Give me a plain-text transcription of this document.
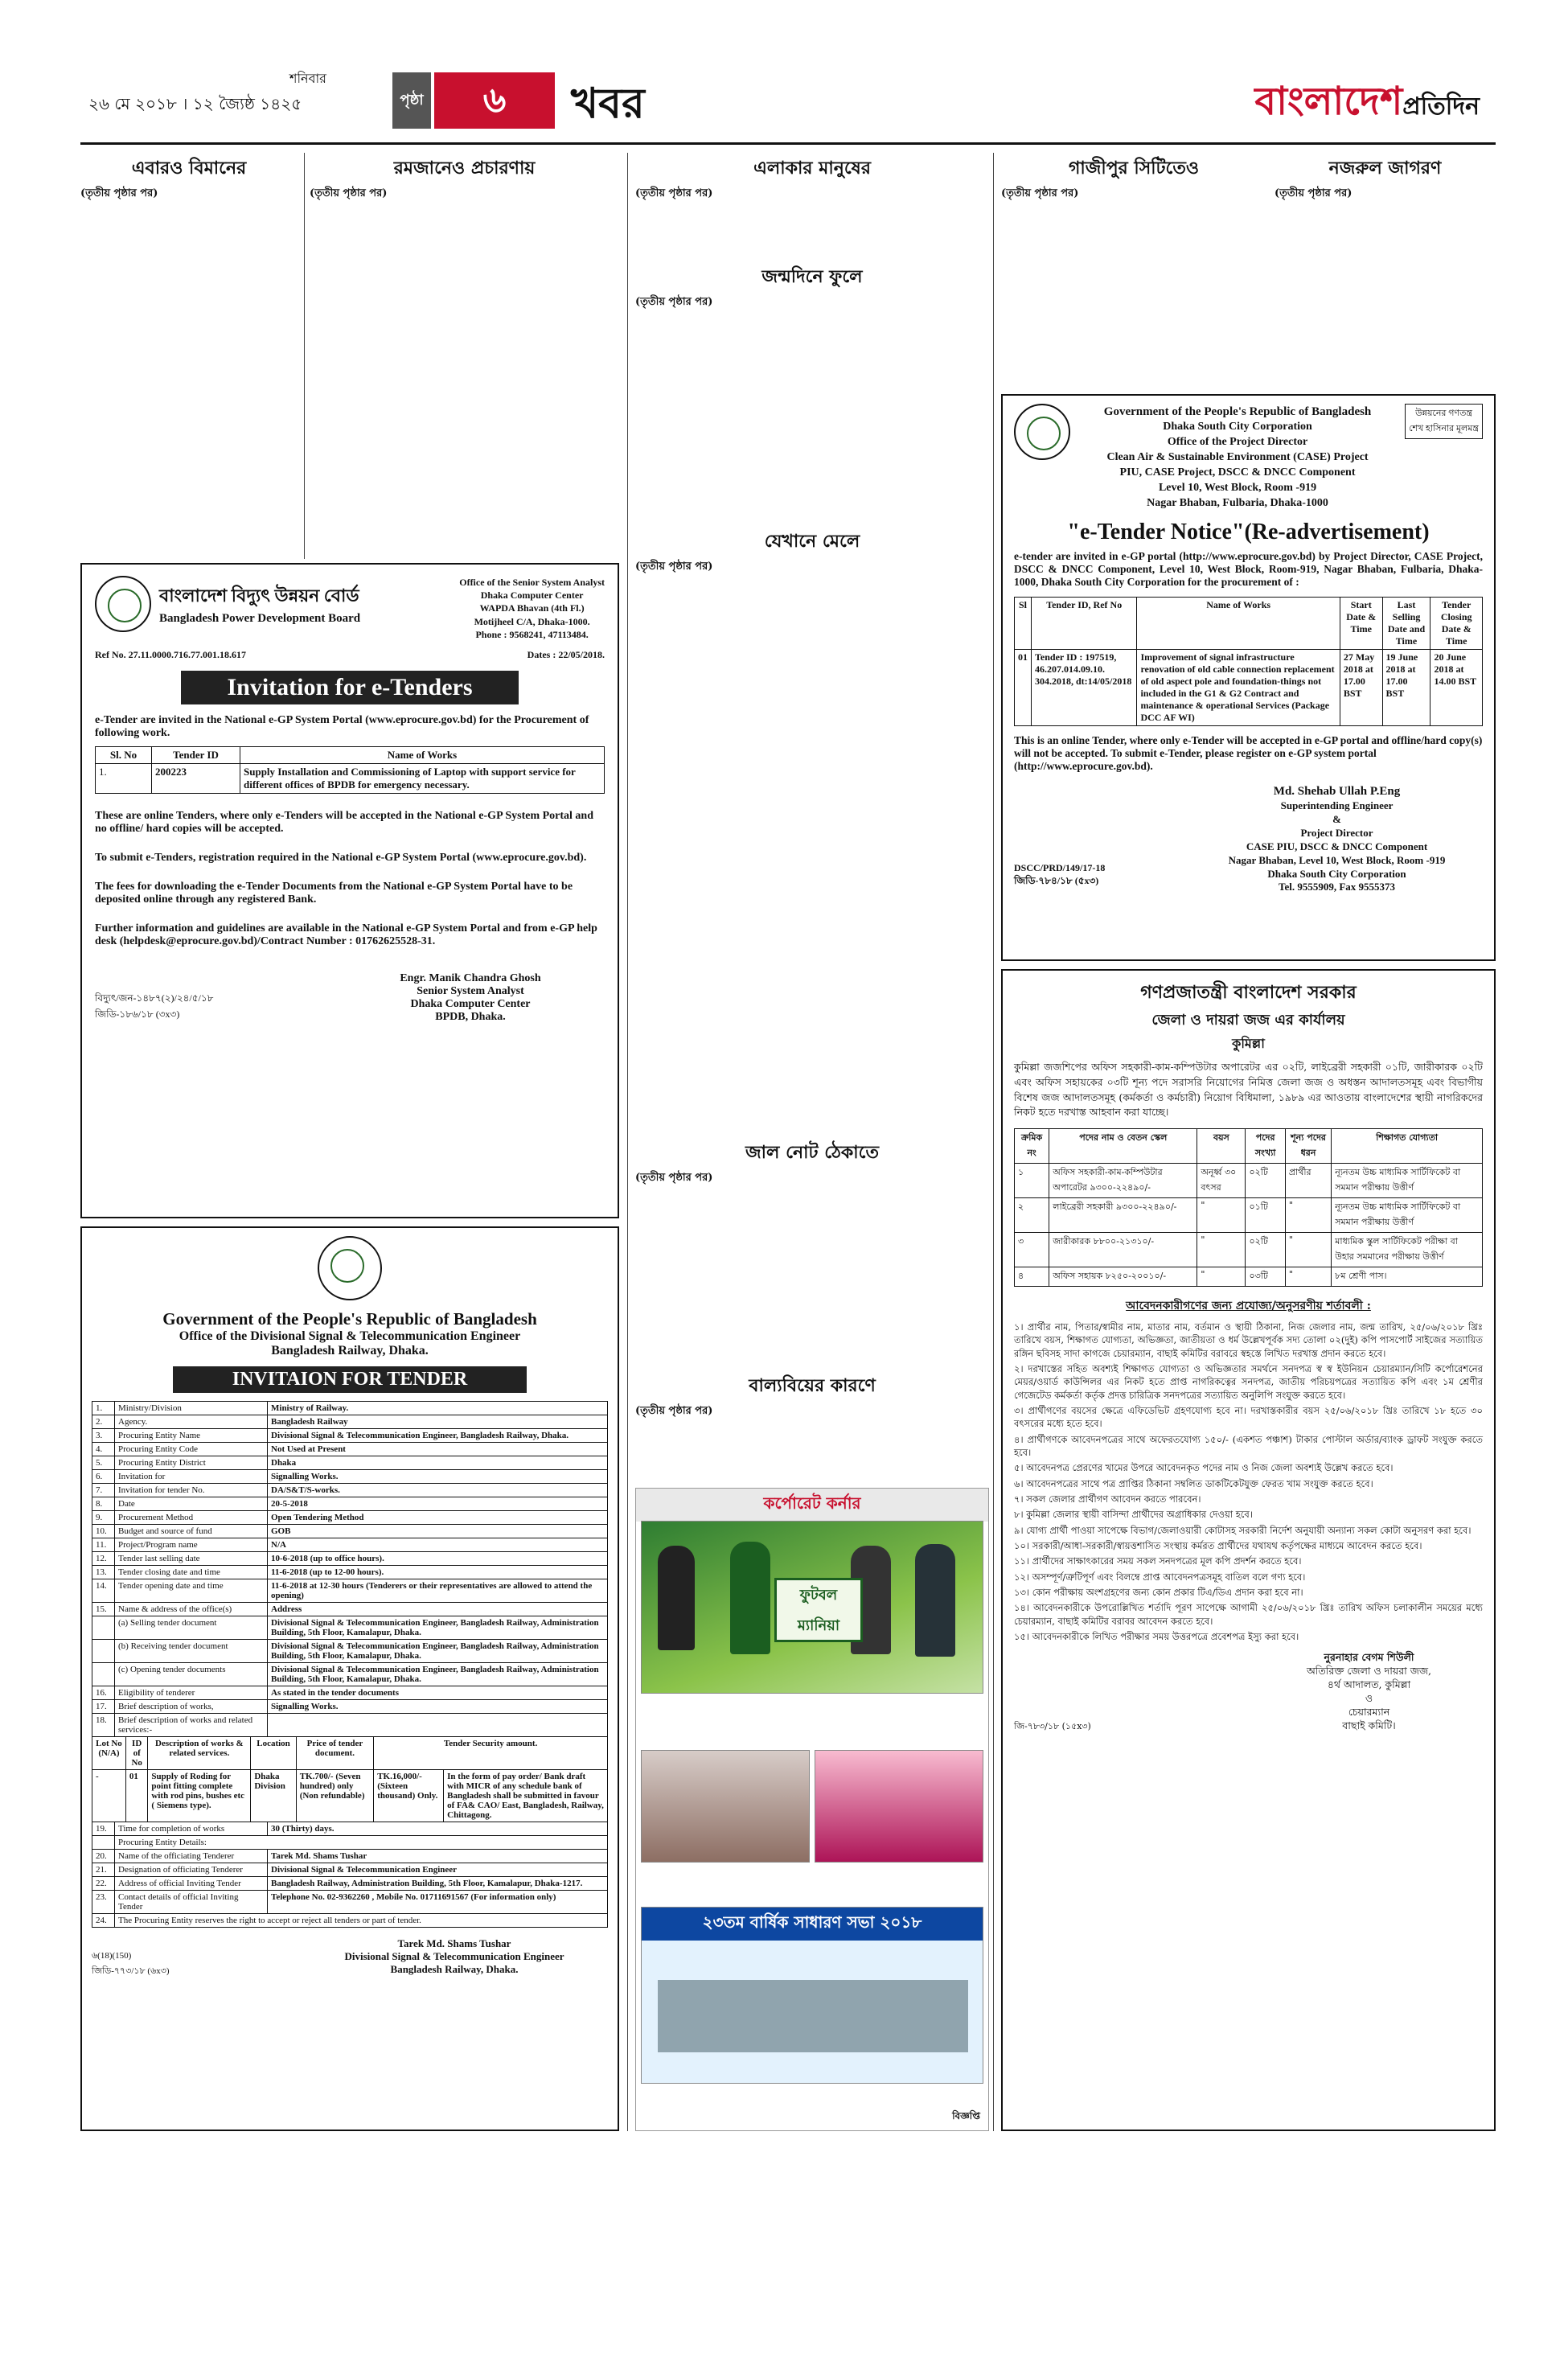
শনিবার
২৬ মে ২০১৮ । ১২ জ্যৈষ্ঠ ১৪২৫	পৃষ্ঠা ৬	খবর	বাংলাদেশপ্রতিদিন
এবারও বিমানের
(তৃতীয় পৃষ্ঠার পর)
রমজানেও প্রচারণায়
(তৃতীয় পৃষ্ঠার পর)
বাংলাদেশ বিদ্যুৎ উন্নয়ন বোর্ড
Bangladesh Power Development Board
Office of the Senior System Analyst
Dhaka Computer Center
WAPDA Bhavan (4th Fl.)
Motijheel C/A, Dhaka-1000.
Phone : 9568241, 47113484.
Ref No. 27.11.0000.716.77.001.18.617	Dates : 22/05/2018.
Invitation for e-Tenders
e-Tender are invited in the National e-GP System Portal (www.eprocure.gov.bd) for the Procurement of following work.
Sl. No	Tender ID	Name of Works
1.	200223	Supply Installation and Commissioning of Laptop with support service for different offices of BPDB for emergency necessary.
These are online Tenders, where only e-Tenders will be accepted in the National e-GP System Portal and no offline/ hard copies will be accepted.
To submit e-Tenders, registration required in the National e-GP System Portal (www.eprocure.gov.bd).
The fees for downloading the e-Tender Documents from the National e-GP System Portal have to be deposited online through any registered Bank.
Further information and guidelines are available in the National e-GP System Portal and from e-GP help desk (helpdesk@eprocure.gov.bd)/Contract Number : 01762625528-31.
Engr. Manik Chandra Ghosh
Senior System Analyst
Dhaka Computer Center
BPDB, Dhaka.
বিদ্যুৎ/জন-১৪৮৭(২)/২৪/৫/১৮
জিডি-১৮৬/১৮ (৩x৩)
Government of the People's Republic of Bangladesh
Office of the Divisional Signal & Telecommunication Engineer
Bangladesh Railway, Dhaka.
INVITAION FOR TENDER
1.	Ministry/Division	Ministry of Railway.
2.	Agency.	Bangladesh Railway
3.	Procuring Entity Name	Divisional Signal & Telecommunication Engineer, Bangladesh Railway, Dhaka.
4.	Procuring Entity Code	Not Used at Present
5.	Procuring Entity District	Dhaka
6.	Invitation for	Signalling Works.
7.	Invitation for tender No.	DA/S&T/S-works.
8.	Date	20-5-2018
9.	Procurement Method	Open Tendering Method
10.	Budget and source of fund	GOB
11.	Project/Program name	N/A
12.	Tender last selling date	10-6-2018 (up to office hours).
13.	Tender closing date and time	11-6-2018 (up to 12-00 hours).
14.	Tender opening date and time	11-6-2018 at 12-30 hours (Tenderers or their representatives are allowed to attend the opening)
15.	Name & address of the office(s)	Address
	(a) Selling tender document	Divisional Signal & Telecommunication Engineer, Bangladesh Railway, Administration Building, 5th Floor, Kamalapur, Dhaka.
	(b) Receiving tender document	Divisional Signal & Telecommunication Engineer, Bangladesh Railway, Administration Building, 5th Floor, Kamalapur, Dhaka.
	(c) Opening tender documents	Divisional Signal & Telecommunication Engineer, Bangladesh Railway, Administration Building, 5th Floor, Kamalapur, Dhaka.
16.	Eligibility of tenderer	As stated in the tender documents
17.	Brief description of works,	Signalling Works.
18.	Brief description of works and related services:-	
Lot No (N/A)	ID of No	Description of works & related services.	Location	Price of tender document.	Tender Security amount.	
-	01	Supply of Roding for point fitting complete with rod pins, bushes etc ( Siemens type).	Dhaka Division	TK.700/- (Seven hundred) only (Non refundable)	TK.16,000/- (Sixteen thousand) Only.	In the form of pay order/ Bank draft with MICR of any schedule bank of Bangladesh shall be submitted in favour of FA& CAO/ East, Bangladesh, Railway, Chittagong.
19.	Time for completion of works	30 (Thirty) days.
	Procuring Entity Details:	
20.	Name of the officiating Tenderer	Tarek Md. Shams Tushar
21.	Designation of officiating Tenderer	Divisional Signal & Telecommunication Engineer
22.	Address of official Inviting Tender	Bangladesh Railway, Administration Building, 5th Floor, Kamalapur, Dhaka-1217.
23.	Contact details of official Inviting Tender	Telephone No. 02-9362260 , Mobile No. 01711691567 (For information only)
24.	The Procuring Entity reserves the right to accept or reject all tenders or part of tender.	
Tarek Md. Shams Tushar
Divisional Signal & Telecommunication Engineer
Bangladesh Railway, Dhaka.
৬(18)(150)
জিডি-৭৭৩/১৮ (৬x৩)
এলাকার মানুষের
(তৃতীয় পৃষ্ঠার পর)
জন্মদিনে ফুলে
(তৃতীয় পৃষ্ঠার পর)
যেখানে মেলে
(তৃতীয় পৃষ্ঠার পর)
জাল নোট ঠেকাতে
(তৃতীয় পৃষ্ঠার পর)
বাল্যবিয়ের কারণে
(তৃতীয় পৃষ্ঠার পর)
কর্পোরেট কর্নার
ফুটবল ম্যানিয়া
২৩তম বার্ষিক সাধারণ সভা ২০১৮
বিজ্ঞপ্তি
গাজীপুর সিটিতেও
(তৃতীয় পৃষ্ঠার পর)
নজরুল জাগরণ
(তৃতীয় পৃষ্ঠার পর)
Government of the People's Republic of Bangladesh
Dhaka South City Corporation
Office of the Project Director
Clean Air & Sustainable Environment (CASE) Project
PIU, CASE Project, DSCC & DNCC Component
Level 10, West Block, Room -919
Nagar Bhaban, Fulbaria, Dhaka-1000
উন্নয়নের গণতন্ত্র
শেখ হাসিনার মূলমন্ত্র
"e-Tender Notice"(Re-advertisement)
e-tender are invited in e-GP portal (http://www.eprocure.gov.bd) by Project Director, CASE Project, DSCC & DNCC Component, Level 10, West Block, Room-919, Nagar Bhaban, Fulbaria, Dhaka-1000, Dhaka South City Corporation for the procurement of :
Sl	Tender ID, Ref No	Name of Works	Start Date & Time	Last Selling Date and Time	Tender Closing Date & Time
01	Tender ID : 197519, 46.207.014.09.10. 304.2018, dt:14/05/2018	Improvement of signal infrastructure renovation of old cable connection replacement of old aspect pole and foundation-things not included in the G1 & G2 Contract and maintenance & operational Services (Package DCC AF WI)	27 May 2018 at 17.00 BST	19 June 2018 at 17.00 BST	20 June 2018 at 14.00 BST
This is an online Tender, where only e-Tender will be accepted in e-GP portal and offline/hard copy(s) will not be accepted. To submit e-Tender, please register on e-GP system portal (http://www.eprocure.gov.bd).
Md. Shehab Ullah P.Eng
Superintending Engineer
&
Project Director
CASE PIU, DSCC & DNCC Component
Nagar Bhaban, Level 10, West Block, Room -919
Dhaka South City Corporation
Tel. 9555909, Fax 9555373
DSCC/PRD/149/17-18
জিডি-৭৮৪/১৮ (৫x৩)
গণপ্রজাতন্ত্রী বাংলাদেশ সরকার
জেলা ও দায়রা জজ এর কার্যালয়
কুমিল্লা
কুমিল্লা জজশিপের অফিস সহকারী-কাম-কম্পিউটার অপারেটর এর ০২টি, লাইব্রেরী সহকারী ০১টি, জারীকারক ০২টি এবং অফিস সহায়কের ০৩টি শূন্য পদে সরাসরি নিয়োগের নিমিত্ত জেলা জজ ও অধস্তন আদালতসমূহ এবং বিভাগীয় বিশেষ জজ আদালতসমূহ (কর্মকর্তা ও কর্মচারী) নিয়োগ বিধিমালা, ১৯৮৯ এর আওতায় বাংলাদেশের স্থায়ী নাগরিকদের নিকট হতে দরখাস্ত আহবান করা যাচ্ছে।
ক্রমিক নং	পদের নাম ও বেতন স্কেল	বয়স	পদের সংখ্যা	শূন্য পদের ধরন	শিক্ষাগত যোগ্যতা
১	অফিস সহকারী-কাম-কম্পিউটার অপারেটর ৯৩০০-২২৪৯০/-	অনূর্ধ্ব ৩০ বৎসর	০২টি	প্রার্থীর	ন্যূনতম উচ্চ মাধ্যমিক সার্টিফিকেট বা সমমান পরীক্ষায় উত্তীর্ণ
২	লাইব্রেরী সহকারী ৯৩০০-২২৪৯০/-	"	০১টি	"	ন্যূনতম উচ্চ মাধ্যমিক সার্টিফিকেট বা সমমান পরীক্ষায় উত্তীর্ণ
৩	জারীকারক ৮৮০০-২১৩১০/-	"	০২টি	"	মাধ্যমিক স্কুল সার্টিফিকেট পরীক্ষা বা উহার সমমানের পরীক্ষায় উত্তীর্ণ
৪	অফিস সহায়ক ৮২৫০-২০০১০/-	"	০৩টি	"	৮ম শ্রেণী পাস।
আবেদনকারীগণের জন্য প্রযোজ্য/অনুসরণীয় শর্তাবলী :
১। প্রার্থীর নাম, পিতার/স্বামীর নাম, মাতার নাম, বর্তমান ও স্থায়ী ঠিকানা, নিজ জেলার নাম, জন্ম তারিখ, ২৫/০৬/২০১৮ খ্রিঃ তারিখে বয়স, শিক্ষাগত যোগ্যতা, অভিজ্ঞতা, জাতীয়তা ও ধর্ম উল্লেখপূর্বক সদ্য তোলা ০২(দুই) কপি পাসপোর্ট সাইজের সত্যায়িত রঙ্গিন ছবিসহ সাদা কাগজে চেয়ারম্যান, বাছাই কমিটির বরাবরে স্বহস্তে লিখিত দরখাস্ত প্রদান করতে হবে।
২। দরখাস্তের সহিত অবশ্যই শিক্ষাগত যোগ্যতা ও অভিজ্ঞতার সমর্থনে সনদপত্র স্ব স্ব ইউনিয়ন চেয়ারম্যান/সিটি কর্পোরেশনের মেয়র/ওয়ার্ড কাউন্সিলর এর নিকট হতে প্রাপ্ত নাগরিকত্বের সনদপত্র, জাতীয় পরিচয়পত্রের সত্যায়িত কপি এবং ১ম শ্রেণীর গেজেটেড কর্মকর্তা কর্তৃক প্রদত্ত চারিত্রিক সনদপত্রের সত্যায়িত অনুলিপি সংযুক্ত করতে হবে।
৩। প্রার্থীগণের বয়সের ক্ষেত্রে এফিডেভিট গ্রহণযোগ্য হবে না। দরখাস্তকারীর বয়স ২৫/০৬/২০১৮ খ্রিঃ তারিখে ১৮ হতে ৩০ বৎসরের মধ্যে হতে হবে।
৪। প্রার্থীগণকে আবেদনপত্রের সাথে অফেরতযোগ্য ১৫০/- (একশত পঞ্চাশ) টাকার পোস্টাল অর্ডার/ব্যাংক ড্রাফট সংযুক্ত করতে হবে।
৫। আবেদনপত্র প্রেরণের খামের উপরে আবেদনকৃত পদের নাম ও নিজ জেলা অবশ্যই উল্লেখ করতে হবে।
৬। আবেদনপত্রের সাথে পত্র প্রাপ্তির ঠিকানা সম্বলিত ডাকটিকেটযুক্ত ফেরত খাম সংযুক্ত করতে হবে।
৭। সকল জেলার প্রার্থীগণ আবেদন করতে পারবেন।
৮। কুমিল্লা জেলার স্থায়ী বাসিন্দা প্রার্থীদের অগ্রাধিকার দেওয়া হবে।
৯। যোগ্য প্রার্থী পাওয়া সাপেক্ষে বিভাগ/জেলাওয়ারী কোটাসহ সরকারী নির্দেশ অনুযায়ী অন্যান্য সকল কোটা অনুসরণ করা হবে।
১০। সরকারী/আধা-সরকারী/স্বায়ত্তশাসিত সংস্থায় কর্মরত প্রার্থীদের যথাযথ কর্তৃপক্ষের মাধ্যমে আবেদন করতে হবে।
১১। প্রার্থীদের সাক্ষাৎকারের সময় সকল সনদপত্রের মূল কপি প্রদর্শন করতে হবে।
১২। অসম্পূর্ণ/ত্রুটিপূর্ণ এবং বিলম্বে প্রাপ্ত আবেদনপত্রসমূহ বাতিল বলে গণ্য হবে।
১৩। কোন পরীক্ষায় অংশগ্রহণের জন্য কোন প্রকার টিএ/ডিএ প্রদান করা হবে না।
১৪। আবেদনকারীকে উপরোল্লিখিত শর্তাদি পূরণ সাপেক্ষে আগামী ২৫/০৬/২০১৮ খ্রিঃ তারিখ অফিস চলাকালীন সময়ের মধ্যে চেয়ারম্যান, বাছাই কমিটির বরাবর আবেদন করতে হবে।
১৫। আবেদনকারীকে লিখিত পরীক্ষার সময় উত্তরপত্রে প্রবেশপত্র ইস্যু করা হবে।
নুরনাহার বেগম শিউলী
অতিরিক্ত জেলা ও দায়রা জজ,
৪র্থ আদালত, কুমিল্লা
ও
চেয়ারম্যান
বাছাই কমিটি।
জি-৭৮৩/১৮ (১৫x৩)
